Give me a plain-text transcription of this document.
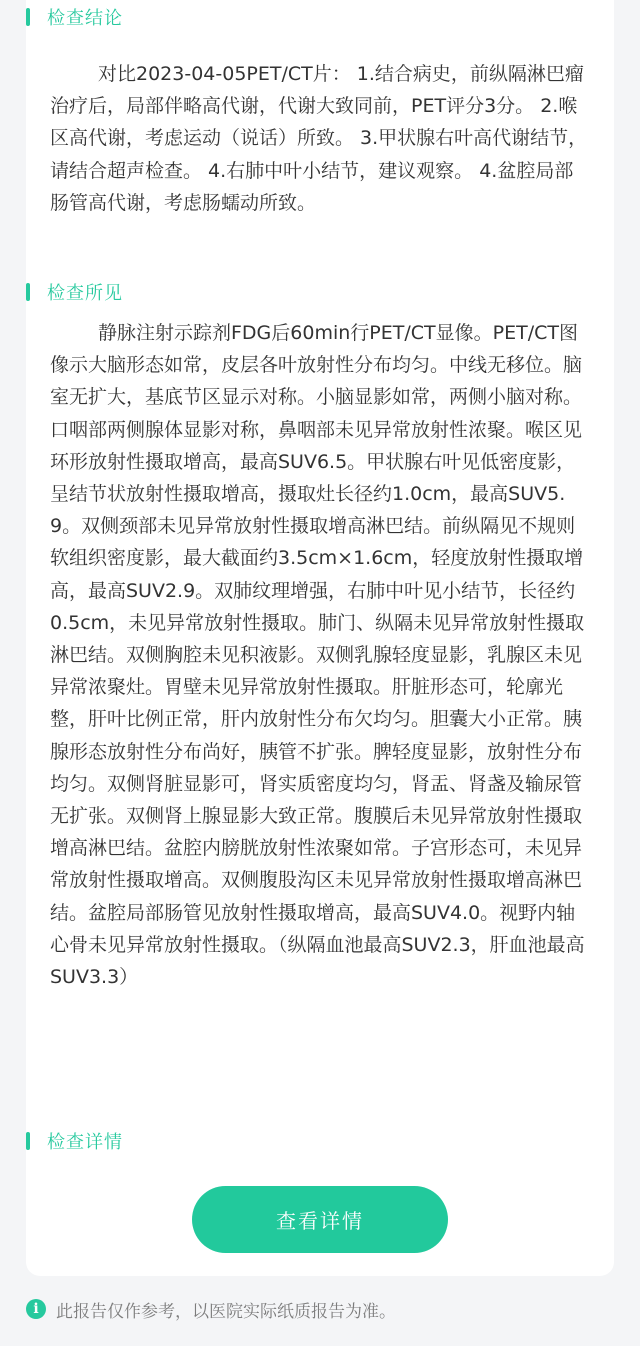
检查结论

对比2023-04-05PET/CT片： 1.结合病史，前纵隔淋巴瘤治疗后，局部伴略高代谢，代谢大致同前，PET评分3分。 2.喉区高代谢，考虑运动（说话）所致。 3.甲状腺右叶高代谢结节，请结合超声检查。 4.右肺中叶小结节，建议观察。 4.盆腔局部肠管高代谢，考虑肠蠕动所致。

检查所见

静脉注射示踪剂FDG后60min行PET/CT显像。PET/CT图像示大脑形态如常，皮层各叶放射性分布均匀。中线无移位。脑室无扩大，基底节区显示对称。小脑显影如常，两侧小脑对称。口咽部两侧腺体显影对称，鼻咽部未见异常放射性浓聚。喉区见环形放射性摄取增高，最高SUV6.5。甲状腺右叶见低密度影，呈结节状放射性摄取增高，摄取灶长径约1.0cm，最高SUV5.9。双侧颈部未见异常放射性摄取增高淋巴结。前纵隔见不规则软组织密度影，最大截面约3.5cm×1.6cm，轻度放射性摄取增高，最高SUV2.9。双肺纹理增强，右肺中叶见小结节，长径约0.5cm，未见异常放射性摄取。肺门、纵隔未见异常放射性摄取淋巴结。双侧胸腔未见积液影。双侧乳腺轻度显影，乳腺区未见异常浓聚灶。胃壁未见异常放射性摄取。肝脏形态可，轮廓光整，肝叶比例正常，肝内放射性分布欠均匀。胆囊大小正常。胰腺形态放射性分布尚好，胰管不扩张。脾轻度显影，放射性分布均匀。双侧肾脏显影可，肾实质密度均匀，肾盂、肾盏及输尿管无扩张。双侧肾上腺显影大致正常。腹膜后未见异常放射性摄取增高淋巴结。盆腔内膀胱放射性浓聚如常。子宫形态可，未见异常放射性摄取增高。双侧腹股沟区未见异常放射性摄取增高淋巴结。盆腔局部肠管见放射性摄取增高，最高SUV4.0。视野内轴心骨未见异常放射性摄取。（纵隔血池最高SUV2.3，肝血池最高SUV3.3）

检查详情
查看详情
i	此报告仅作参考，以医院实际纸质报告为准。
